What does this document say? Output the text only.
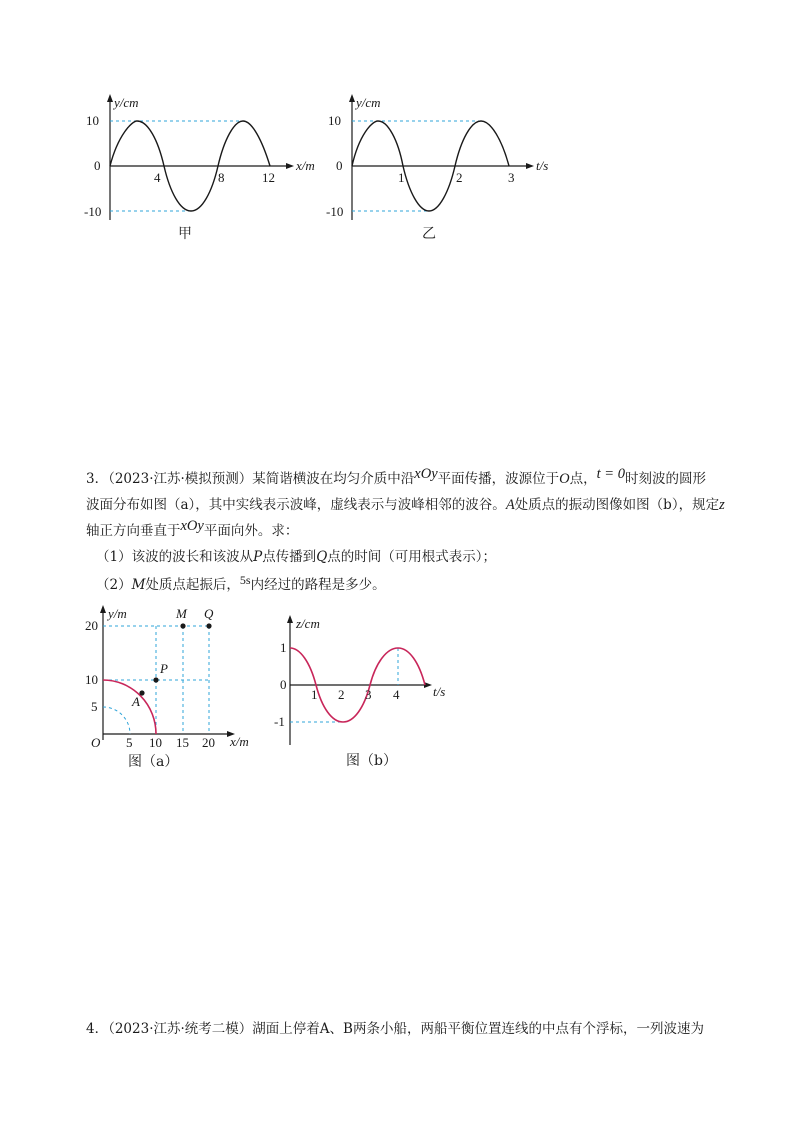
y/cm
x/m
10
0
-10
4	8	12
甲
y/cm
t/s
10
0
-10
1	2	3
乙
3．（2023·江苏·模拟预测）某简谐横波在均匀介质中沿xOy平面传播，波源位于O点，t = 0时刻波的圆形
波面分布如图（a），其中实线表示波峰，虚线表示与波峰相邻的波谷。A处质点的振动图像如图（b），规定z
轴正方向垂直于xOy平面向外。求：
（1）该波的波长和该波从P点传播到Q点的时间（可用根式表示）；
（2）M处质点起振后，5s内经过的路程是多少。
A
P
M Q
y/m
x/m
O
20
10
5
5 10 15 20
图（a）
z/cm
t/s
1
0
-1
1 2 3 4
图（b）
4．（2023·江苏·统考二模）湖面上停着A、B两条小船，两船平衡位置连线的中点有个浮标，一列波速为
